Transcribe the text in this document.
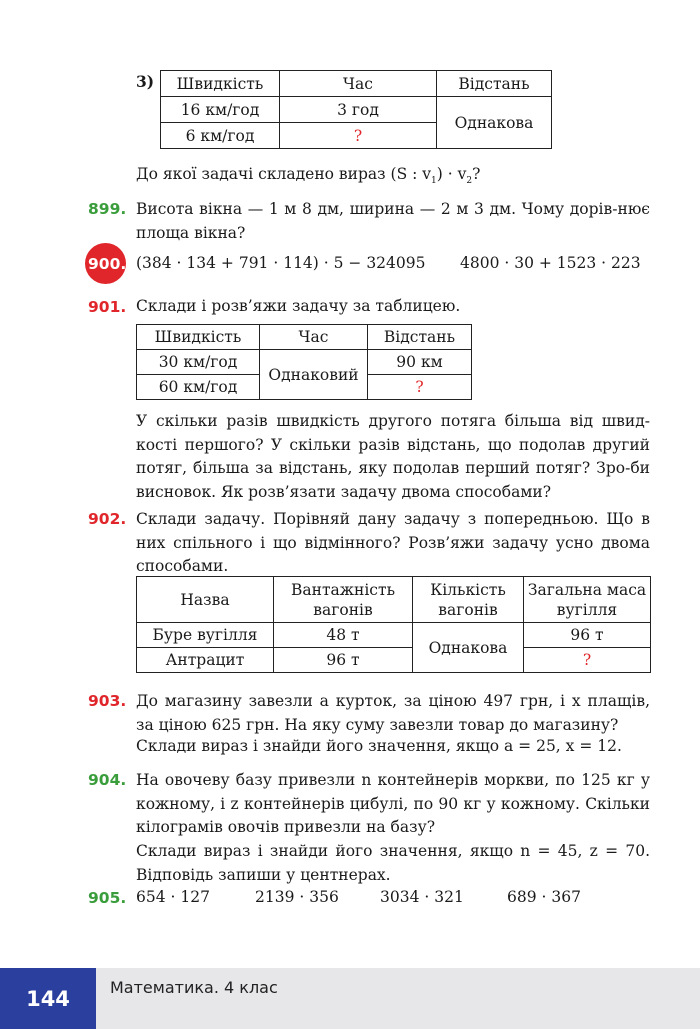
3) Швидкість	Час	Відстань
16 км/год	3 год	Однакова
6 км/год	?	
До якої задачі складено вираз (S : $v_1) \cdot v_2$?
899. Висота вікна — 1 м 8 дм, ширина — 2 м 3 дм. Чому дорів-нює площа вікна?
900. (384 · 134 + 791 · 114) · 5 − 324095 4800 · 30 + 1523 · 223
901. Склади і розв’яжи задачу за таблицею.
Швидкість	Час	Відстань
30 км/год	Однаковий	90 км
60 км/год		?
У скільки разів швидкість другого потяга більша від швид-кості першого? У скільки разів відстань, що подолав другий потяг, більша за відстань, яку подолав перший потяг? Зро-би висновок. Як розв’язати задачу двома способами?
902. Склади задачу. Порівняй дану задачу з попередньою. Що в них спільного і що відмінного? Розв’яжи задачу усно двома способами.
Назва	Вантажність вагонів	Кількість вагонів	Загальна маса вугілля
Буре вугілля	48 т	Однакова	96 т
Антрацит	96 т		?
903. До магазину завезли a курток, за ціною 497 грн, і x плащів, за ціною 625 грн. На яку суму завезли товар до магазину?
Склади вираз і знайди його значення, якщо a = 25, x = 12.
904. На овочеву базу привезли n контейнерів моркви, по 125 кг у кожному, і z контейнерів цибулі, по 90 кг у кожному. Скільки кілограмів овочів привезли на базу?
Склади вираз і знайди його значення, якщо n = 45, z = 70. Відповідь запиши у центнерах.
905. 654 · 127	2139 · 356	3034 · 321	689 · 367
144	Математика. 4 клас
